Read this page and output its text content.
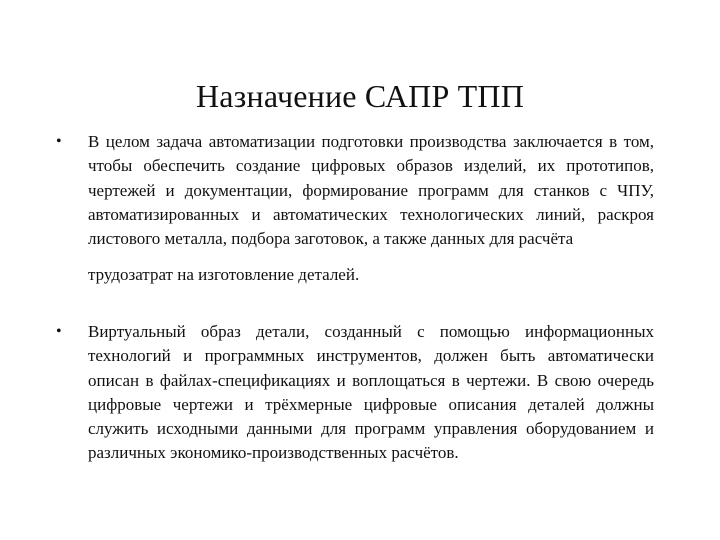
Назначение САПР ТПП
•	В целом задача автоматизации подготовки производства заключается в том, чтобы обеспечить создание цифровых образов изделий, их прототипов, чертежей и документации, формирование программ для станков с ЧПУ, автоматизированных и автоматических технологических линий, раскроя листового металла, подбора заготовок, а также данных для расчёта
трудозатрат на изготовление деталей.

•	Виртуальный образ детали, созданный с помощью информационных технологий и программных инструментов, должен быть автоматически описан в файлах-спецификациях и воплощаться в чертежи. В свою очередь цифровые чертежи и трёхмерные цифровые описания деталей должны служить исходными данными для программ управления оборудованием и различных экономико-производственных расчётов.
